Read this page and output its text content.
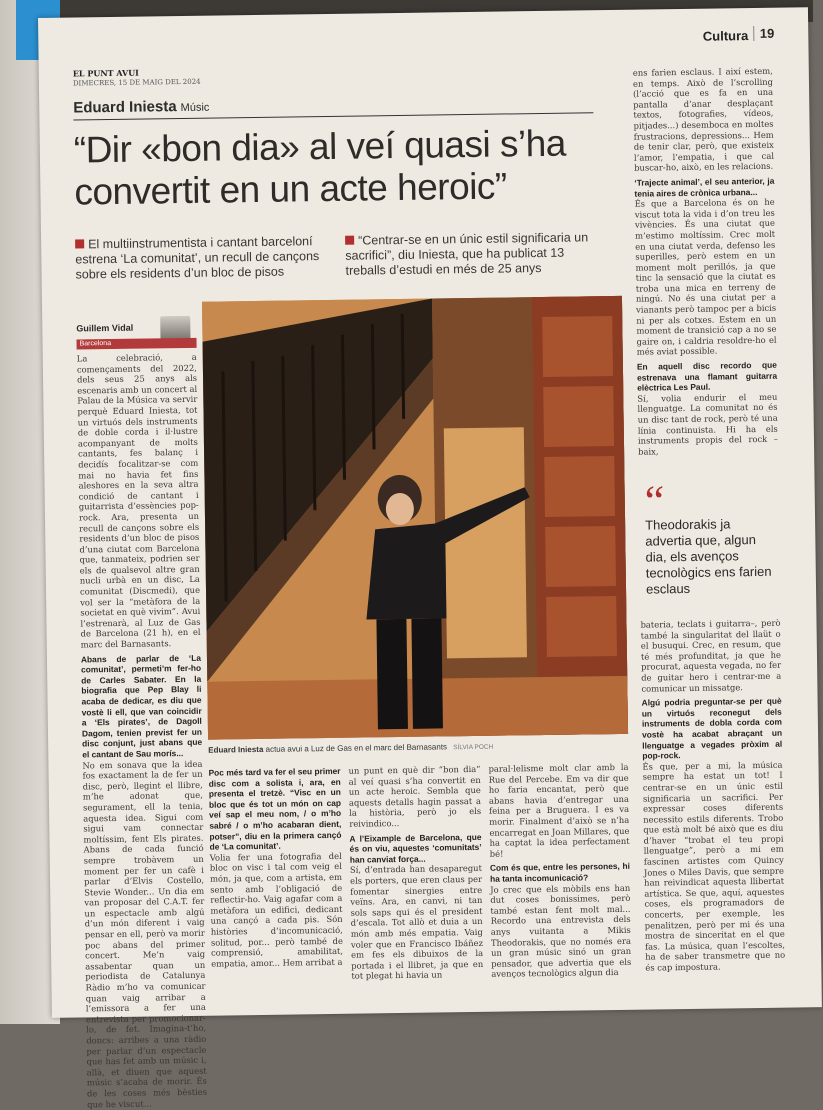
Cultura 19
EL PUNT AVUI
DIMECRES, 15 DE MAIG DEL 2024
Eduard Iniesta Músic
“Dir «bon dia» al veí quasi s’ha convertit en un acte heroic”
El multiinstrumentista i cantant barceloní estrena ‘La comunitat’, un recull de cançons sobre els residents d’un bloc de pisos
“Centrar-se en un únic estil significaria un sacrifici”, diu Iniesta, que ha publicat 13 treballs d’estudi en més de 25 anys
Guillem Vidal
Barcelona
La celebració, a començaments del 2022, dels seus 25 anys als escenaris amb un concert al Palau de la Música va servir perquè Eduard Iniesta, tot un virtuós dels instruments de doble corda i il·lustre acompanyant de molts cantants, fes balanç i decidís focalitzar-se com mai no havia fet fins aleshores en la seva altra condició de cantant i guitarrista d’essències pop-rock. Ara, presenta un recull de cançons sobre els residents d’un bloc de pisos d’una ciutat com Barcelona que, tanmateix, podrien ser els de qualsevol altre gran nucli urbà en un disc, La comunitat (Discmedi), que vol ser la “metàfora de la societat en què vivim”. Avui l’estrenarà, al Luz de Gas de Barcelona (21 h), en el marc del Barnasants.
Abans de parlar de ‘La comunitat’, permeti’m fer-ho de Carles Sabater. En la biografia que Pep Blay li acaba de dedicar, es diu que vostè li ell, que van coincidir a ‘Els pirates’, de Dagoll Dagom, tenien previst fer un disc conjunt, just abans que el cantant de Sau morís...
No em sonava que la idea fos exactament la de fer un disc, però, llegint el llibre, m’he adonat que, segurament, ell la tenia, aquesta idea. Sigui com sigui vam connectar moltíssim, fent Els pirates. Abans de cada funció sempre trobàvem un moment per fer un cafè i parlar d’Elvis Costello, Stevie Wonder... Un dia em van proposar del C.A.T. fer un espectacle amb algú d’un món diferent i vaig pensar en ell, però va morir poc abans del primer concert. Me’n vaig assabentar quan un periodista de Catalunya Ràdio m’ho va comunicar quan vaig arribar a l’emissora a fer una entrevista per promocionar-lo, de fet. Imagina-t’ho, doncs: arribes a una ràdio per parlar d’un espectacle que has fet amb un músic i, allà, et diuen que aquest músic s’acaba de morir. És de les coses més bèsties que he viscut...
Eduard Iniesta actua avui a Luz de Gas en el marc del Barnasants SÍLVIA POCH
Poc més tard va fer el seu primer disc com a solista i, ara, en presenta el tretzè. “Visc en un bloc que és tot un món on cap veí sap el meu nom, / o m’ho sabré / o m’ho acabaran dient, potser”, diu en la primera cançó de ‘La comunitat’.
Volia fer una fotografia del bloc on visc i tal com veig el món, ja que, com a artista, em sento amb l’obligació de reflectir-ho. Vaig agafar com a metàfora un edifici, dedicant una cançó a cada pis. Són històries d’incomunicació, solitud, por... però també de comprensió, amabilitat, empatia, amor... Hem arribat a
un punt en què dir “bon dia” al veí quasi s’ha convertit en un acte heroic. Sembla que aquests detalls hagin passat a la història, però jo els reivindico...
A l’Eixample de Barcelona, que és on viu, aquestes ‘comunitats’ han canviat força...
Sí, d’entrada han desaparegut els porters, que eren claus per fomentar sinergies entre veïns. Ara, en canvi, ni tan sols saps qui és el president d’escala. Tot allò et duia a un món amb més empatia. Vaig voler que en Francisco Ibáñez em fes els dibuixos de la portada i el llibret, ja que en tot plegat hi havia un
paral·lelisme molt clar amb la Rue del Percebe. Em va dir que ho faria encantat, però que abans havia d’entregar una feina per a Bruguera. I es va morir. Finalment d’això se n’ha encarregat en Joan Millares, que ha captat la idea perfectament bé!
Com és que, entre les persones, hi ha tanta incomunicació?
Jo crec que els mòbils ens han dut coses bonissimes, però també estan fent molt mal... Recordo una entrevista dels anys vuitanta a Mikis Theodorakis, que no només era un gran músic sinó un gran pensador, que advertia que els avenços tecnològics algun dia
ens farien esclaus. I així estem, en temps. Això de l’scrolling (l’acció que es fa en una pantalla d’anar desplaçant textos, fotografies, vídeos, pitjades...) desemboca en moltes frustracions, depressions... Hem de tenir clar, però, que existeix l’amor, l’empatia, i que cal buscar-ho, això, en les relacions.
‘Trajecte animal’, el seu anterior, ja tenia aires de crònica urbana...
És que a Barcelona és on he viscut tota la vida i d’on treu les vivències. És una ciutat que m’estimo moltíssim. Crec molt en una ciutat verda, defenso les superilles, però estem en un moment molt perillós, ja que tinc la sensació que la ciutat es troba una mica en terreny de ningú. No és una ciutat per a vianants però tampoc per a bicis ni per als cotxes. Estem en un moment de transició cap a no se gaire on, i caldria resoldre-ho el més aviat possible.
En aquell disc recordo que estrenava una flamant guitarra elèctrica Les Paul.
Sí, volia endurir el meu llenguatge. La comunitat no és un disc tant de rock, però té una línia continuista. Hi ha els instruments propis del rock –baix,
“
Theodorakis ja advertia que, algun dia, els avenços tecnològics ens farien esclaus
bateria, teclats i guitarra–, però també la singularitat del llaüt o el busuqui. Crec, en resum, que té més profunditat, ja que he procurat, aquesta vegada, no fer de guitar hero i centrar-me a comunicar un missatge.
Algú podria preguntar-se per què un virtuós reconegut dels instruments de dobla corda com vostè ha acabat abraçant un llenguatge a vegades pròxim al pop-rock.
És que, per a mi, la música sempre ha estat un tot! I centrar-se en un únic estil significaria un sacrifici. Per expressar coses diferents necessito estils diferents. Trobo que està molt bé això que es diu d’haver “trobat el teu propi llenguatge”, però a mi em fascinen artistes com Quincy Jones o Miles Davis, que sempre han reivindicat aquesta llibertat artística. Se que, aquí, aquestes coses, els programadors de concerts, per exemple, les penalitzen, però per mi és una mostra de sinceritat en el que fas. La música, quan l’escoltes, ha de saber transmetre que no és cap impostura.
